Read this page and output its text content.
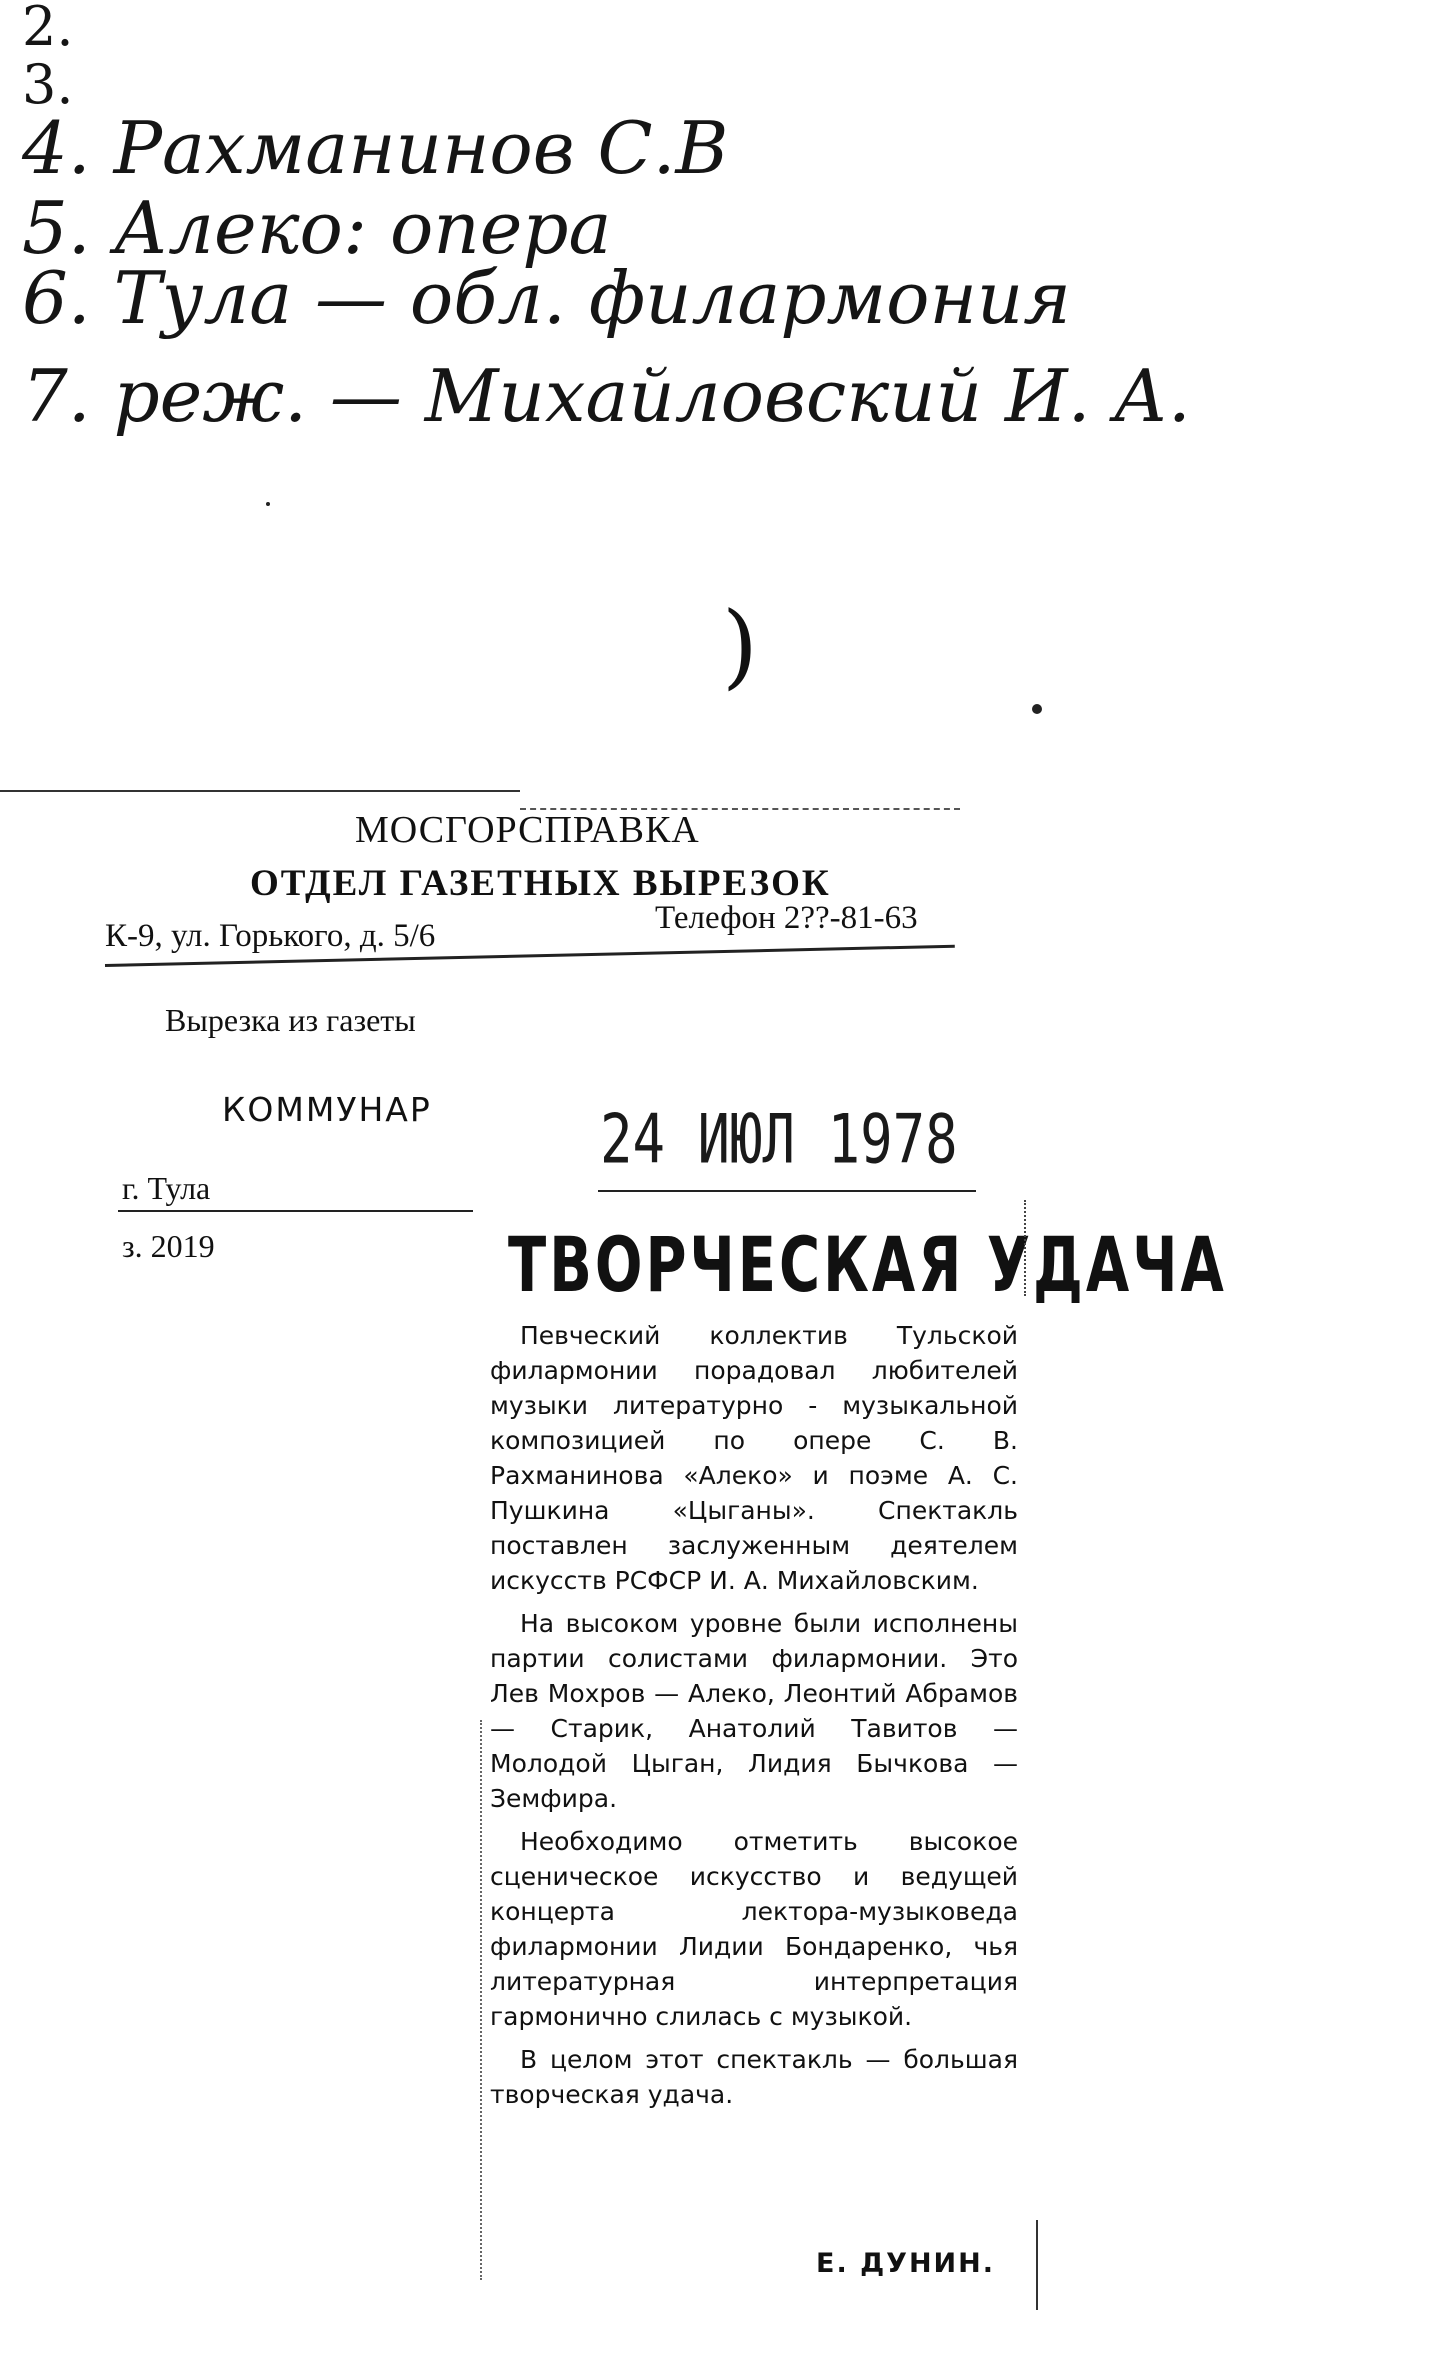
2.
3.
4. Рахманинов С.В
5. Алеко: опера
6. Тула — обл. филармония
7. реж. — Михайловский И. А.
)
МОСГОРСПРАВКА
ОТДЕЛ ГАЗЕТНЫХ ВЫРЕЗОК
К-9, ул. Горького, д. 5/6	Телефон 2??-81-63
Вырезка из газеты
КОММУНАР
г. Тула
з. 2019
24 ИЮЛ 1978
ТВОРЧЕСКАЯ УДАЧА

Певческий коллектив Тульской филармонии порадовал любителей музыки литературно - музыкальной композицией по опере С. В. Рахманинова «Алеко» и поэме А. С. Пушкина «Цыганы». Спектакль поставлен заслуженным деятелем искусств РСФСР И. А. Михайловским.

На высоком уровне были исполнены партии солистами филармонии. Это Лев Мохров — Алеко, Леонтий Абрамов — Старик, Анатолий Тавитов — Молодой Цыган, Лидия Бычкова — Земфира.

Необходимо отметить высокое сценическое искусство и ведущей концерта лектора-музыковеда филармонии Лидии Бондаренко, чья литературная интерпретация гармонично слилась с музыкой.

В целом этот спектакль — большая творческая удача.

Е. ДУНИН.
